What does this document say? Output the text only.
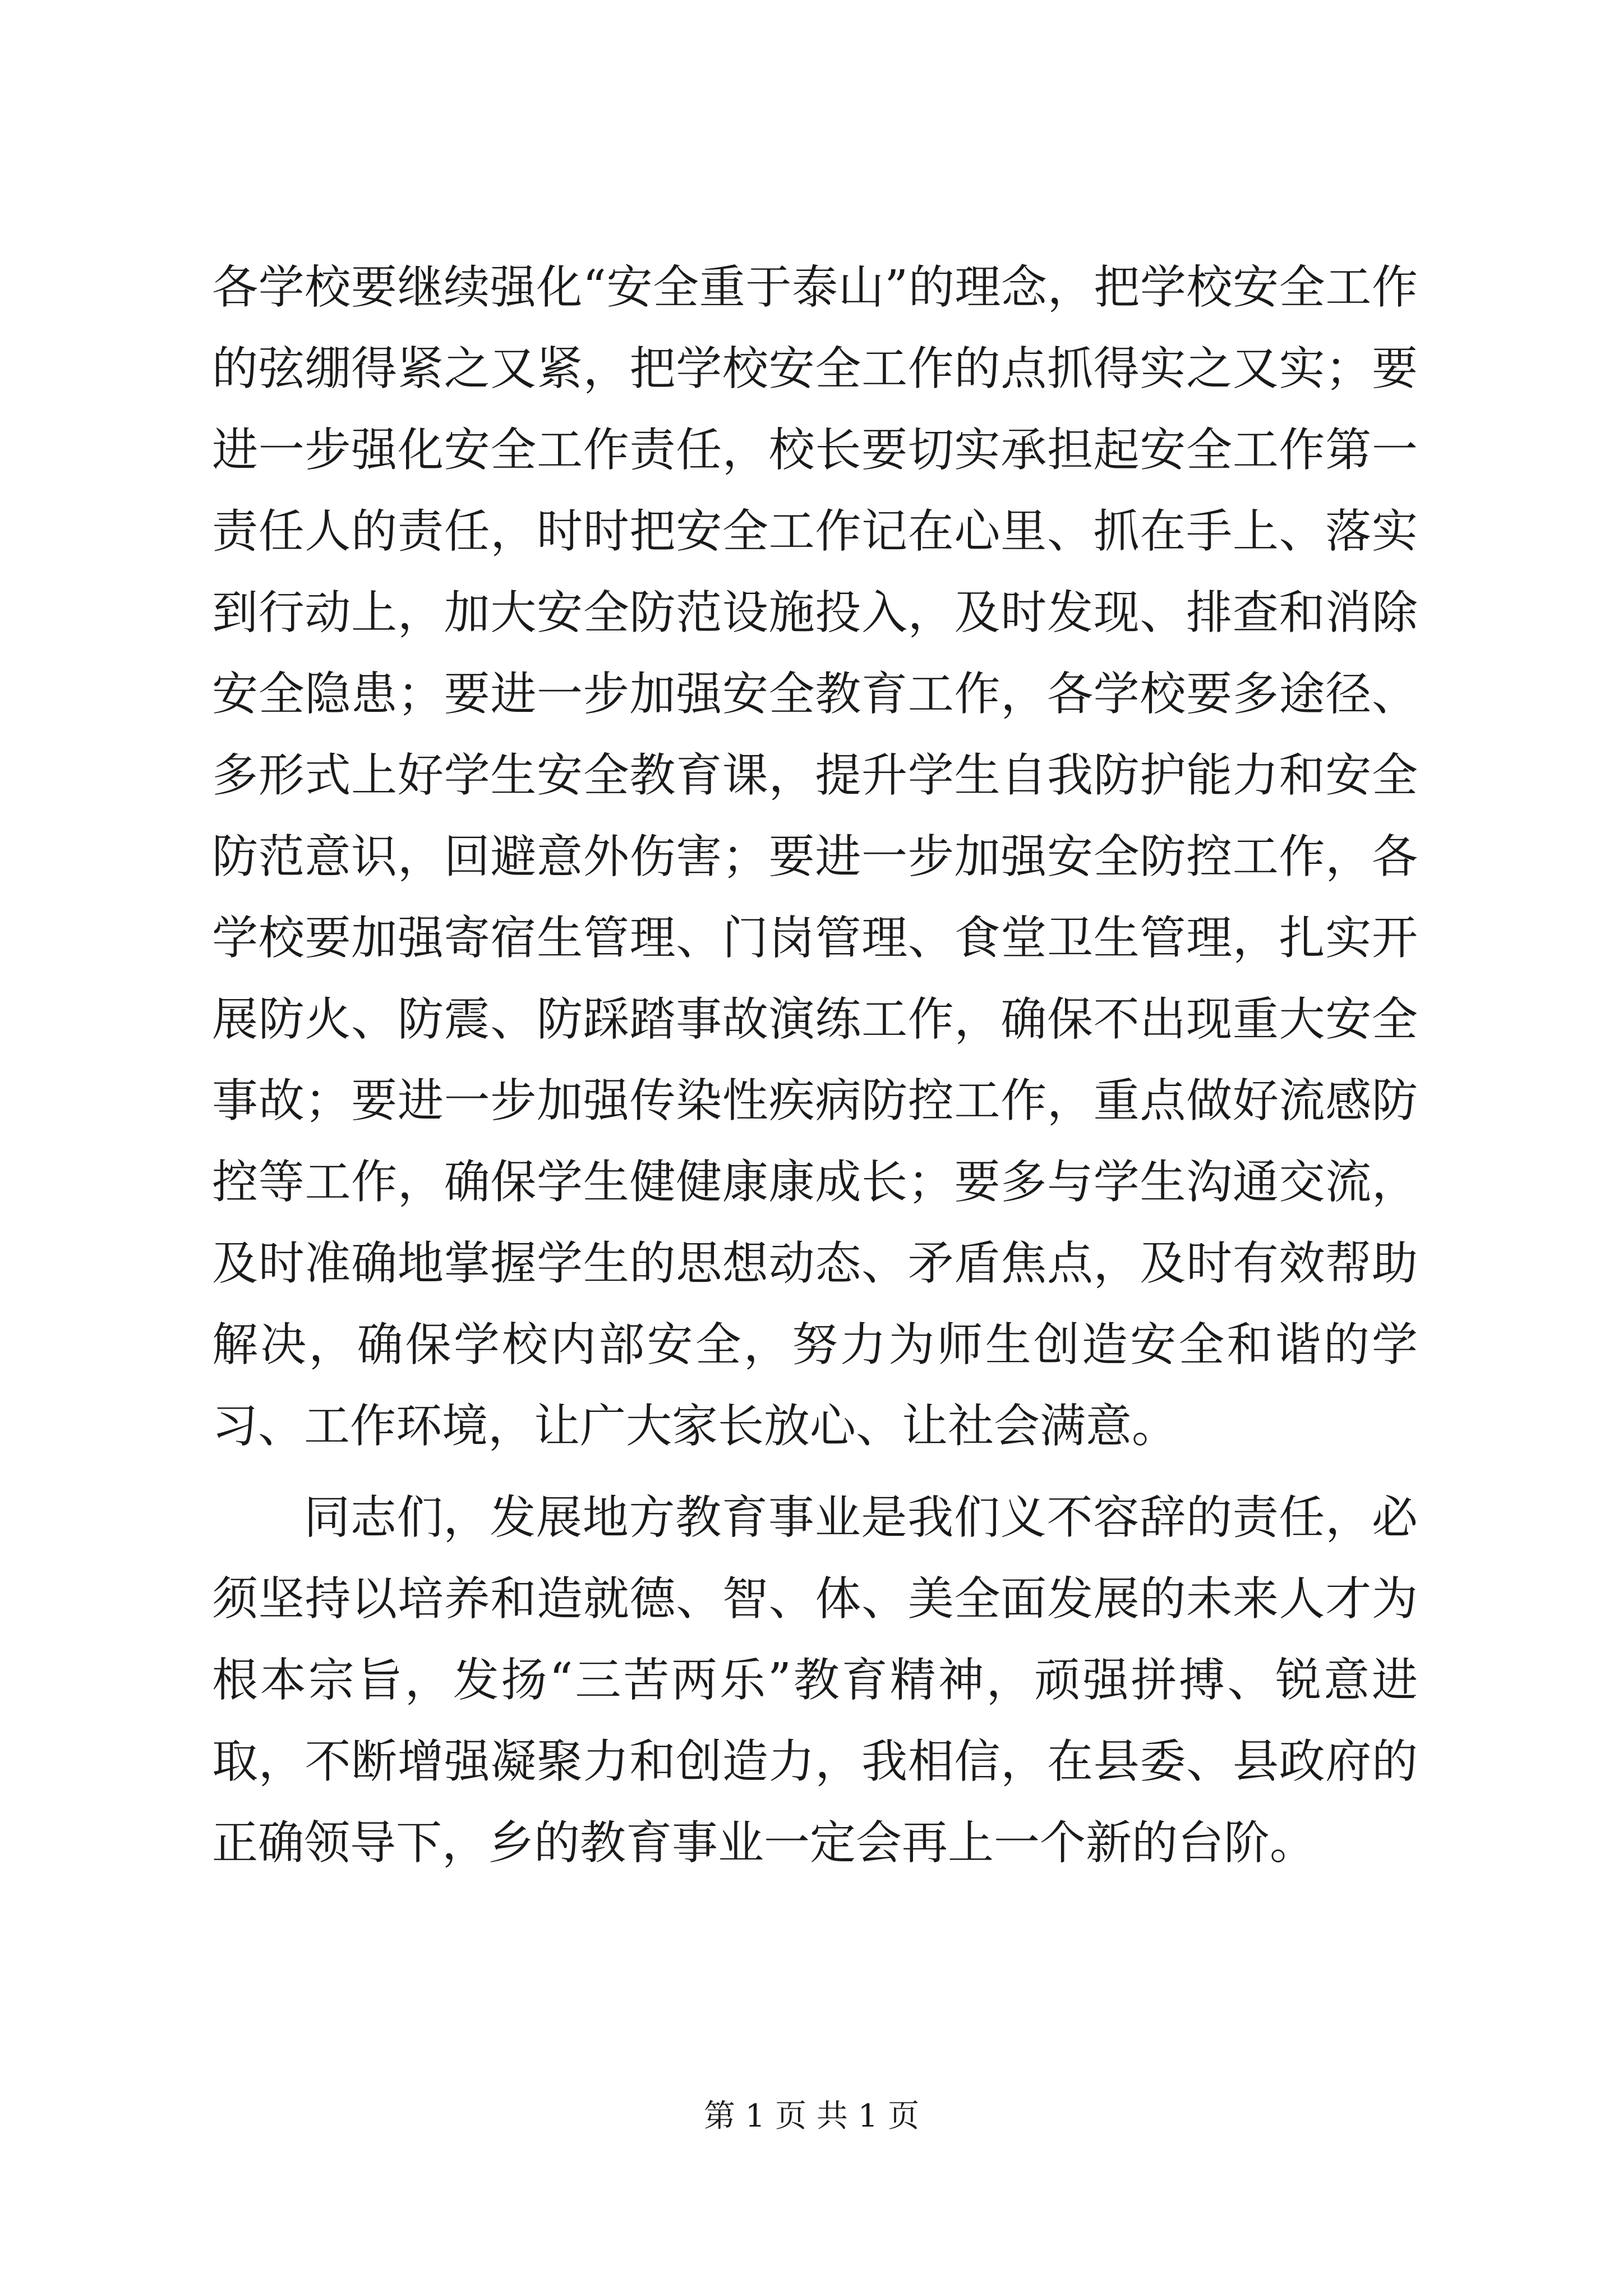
各学校要继续强化“安全重于泰山”的理念，把学校安全工作的弦绷得紧之又紧，把学校安全工作的点抓得实之又实；要进一步强化安全工作责任，校长要切实承担起安全工作第一责任人的责任，时时把安全工作记在心里、抓在手上、落实到行动上，加大安全防范设施投入，及时发现、排查和消除安全隐患；要进一步加强安全教育工作，各学校要多途径、多形式上好学生安全教育课，提升学生自我防护能力和安全防范意识，回避意外伤害；要进一步加强安全防控工作，各学校要加强寄宿生管理、门岗管理、食堂卫生管理，扎实开展防火、防震、防踩踏事故演练工作，确保不出现重大安全事故；要进一步加强传染性疾病防控工作，重点做好流感防控等工作，确保学生健健康康成长；要多与学生沟通交流，及时准确地掌握学生的思想动态、矛盾焦点，及时有效帮助解决，确保学校内部安全，努力为师生创造安全和谐的学习、工作环境，让广大家长放心、让社会满意。

同志们，发展地方教育事业是我们义不容辞的责任，必须坚持以培养和造就德、智、体、美全面发展的未来人才为根本宗旨，发扬“三苦两乐”教育精神，顽强拼搏、锐意进取，不断增强凝聚力和创造力，我相信，在县委、县政府的正确领导下，乡的教育事业一定会再上一个新的台阶。

第 1 页 共 1 页
